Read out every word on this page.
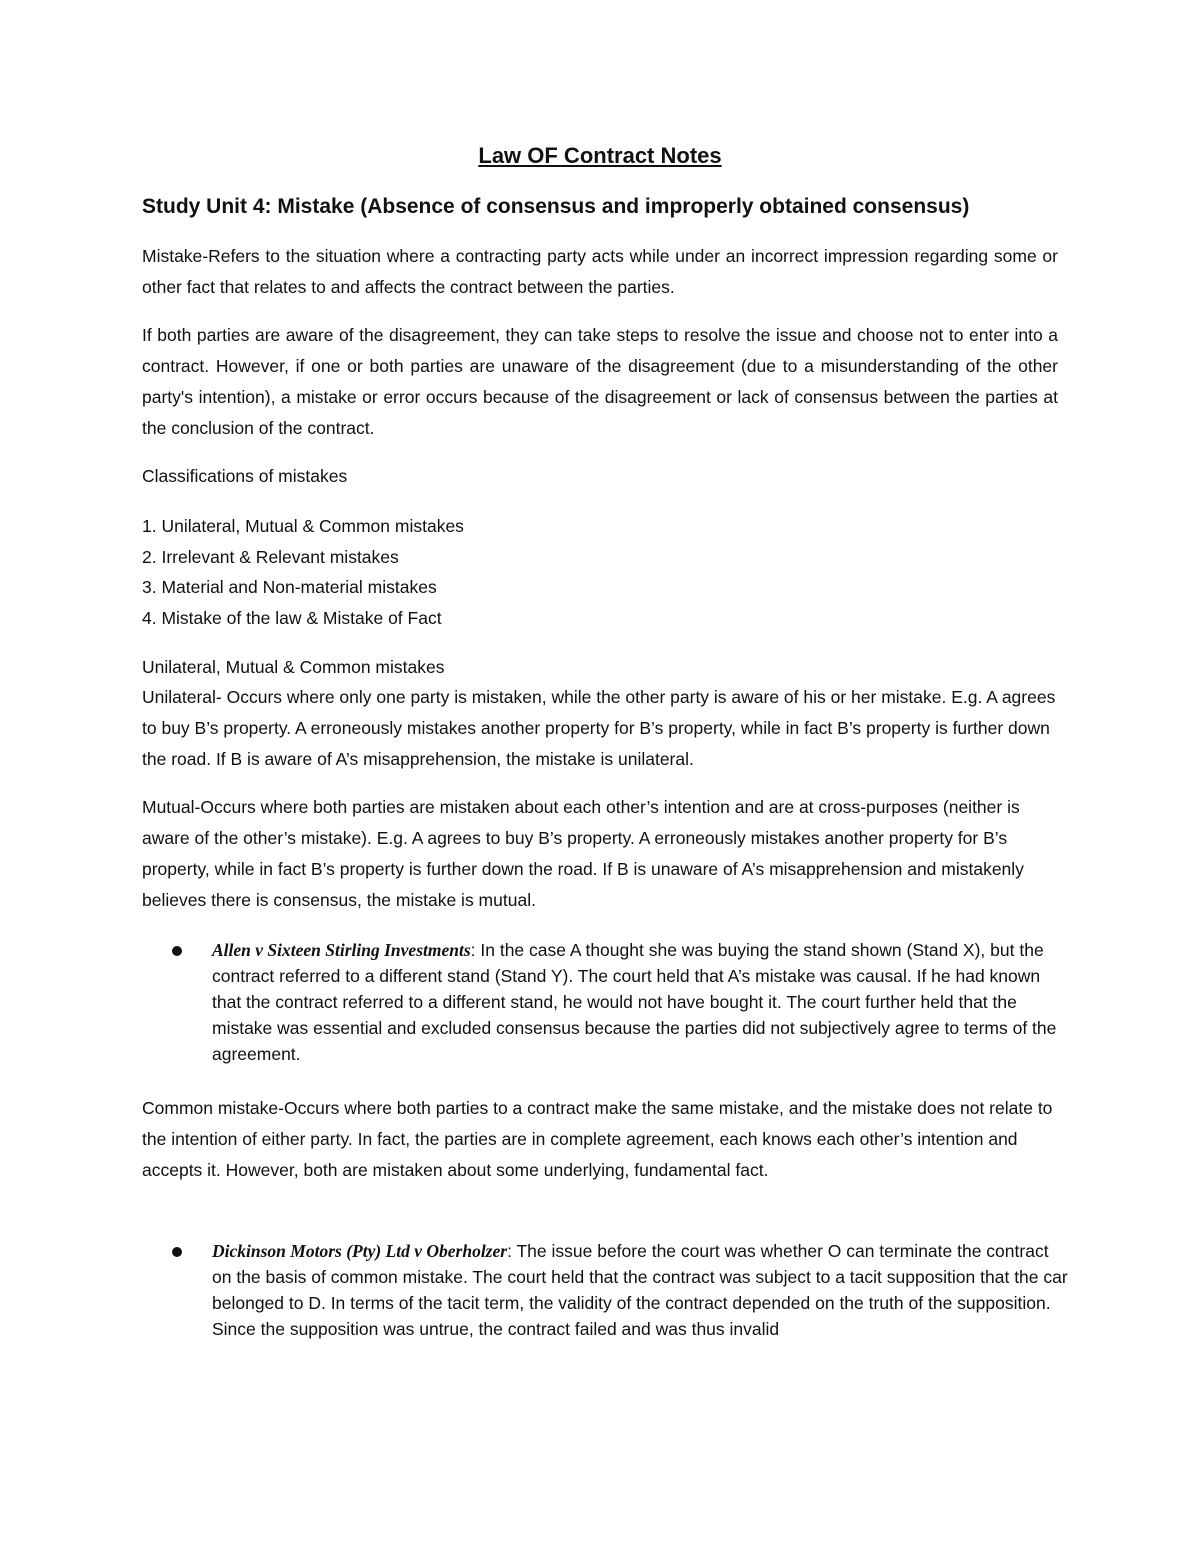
Law OF Contract Notes
Study Unit 4: Mistake (Absence of consensus and improperly obtained consensus)

Mistake-Refers to the situation where a contracting party acts while under an incorrect impression regarding some or other fact that relates to and affects the contract between the parties.

If both parties are aware of the disagreement, they can take steps to resolve the issue and choose not to enter into a contract. However, if one or both parties are unaware of the disagreement (due to a misunderstanding of the other party's intention), a mistake or error occurs because of the disagreement or lack of consensus between the parties at the conclusion of the contract.

Classifications of mistakes

1. Unilateral, Mutual & Common mistakes
2. Irrelevant & Relevant mistakes
3. Material and Non-material mistakes
4. Mistake of the law & Mistake of Fact

Unilateral, Mutual & Common mistakes

Unilateral- Occurs where only one party is mistaken, while the other party is aware of his or her mistake. E.g. A agrees to buy B’s property. A erroneously mistakes another property for B’s property, while in fact B’s property is further down the road. If B is aware of A’s misapprehension, the mistake is unilateral.

Mutual-Occurs where both parties are mistaken about each other’s intention and are at cross-purposes (neither is aware of the other’s mistake). E.g. A agrees to buy B’s property. A erroneously mistakes another property for B’s property, while in fact B’s property is further down the road. If B is unaware of A’s misapprehension and mistakenly believes there is consensus, the mistake is mutual.

Allen v Sixteen Stirling Investments: In the case A thought she was buying the stand shown (Stand X), but the contract referred to a different stand (Stand Y). The court held that A’s mistake was causal. If he had known that the contract referred to a different stand, he would not have bought it. The court further held that the mistake was essential and excluded consensus because the parties did not subjectively agree to terms of the agreement.

Common mistake-Occurs where both parties to a contract make the same mistake, and the mistake does not relate to the intention of either party. In fact, the parties are in complete agreement, each knows each other’s intention and accepts it. However, both are mistaken about some underlying, fundamental fact.

Dickinson Motors (Pty) Ltd v Oberholzer: The issue before the court was whether O can terminate the contract on the basis of common mistake. The court held that the contract was subject to a tacit supposition that the car belonged to D. In terms of the tacit term, the validity of the contract depended on the truth of the supposition. Since the supposition was untrue, the contract failed and was thus invalid
